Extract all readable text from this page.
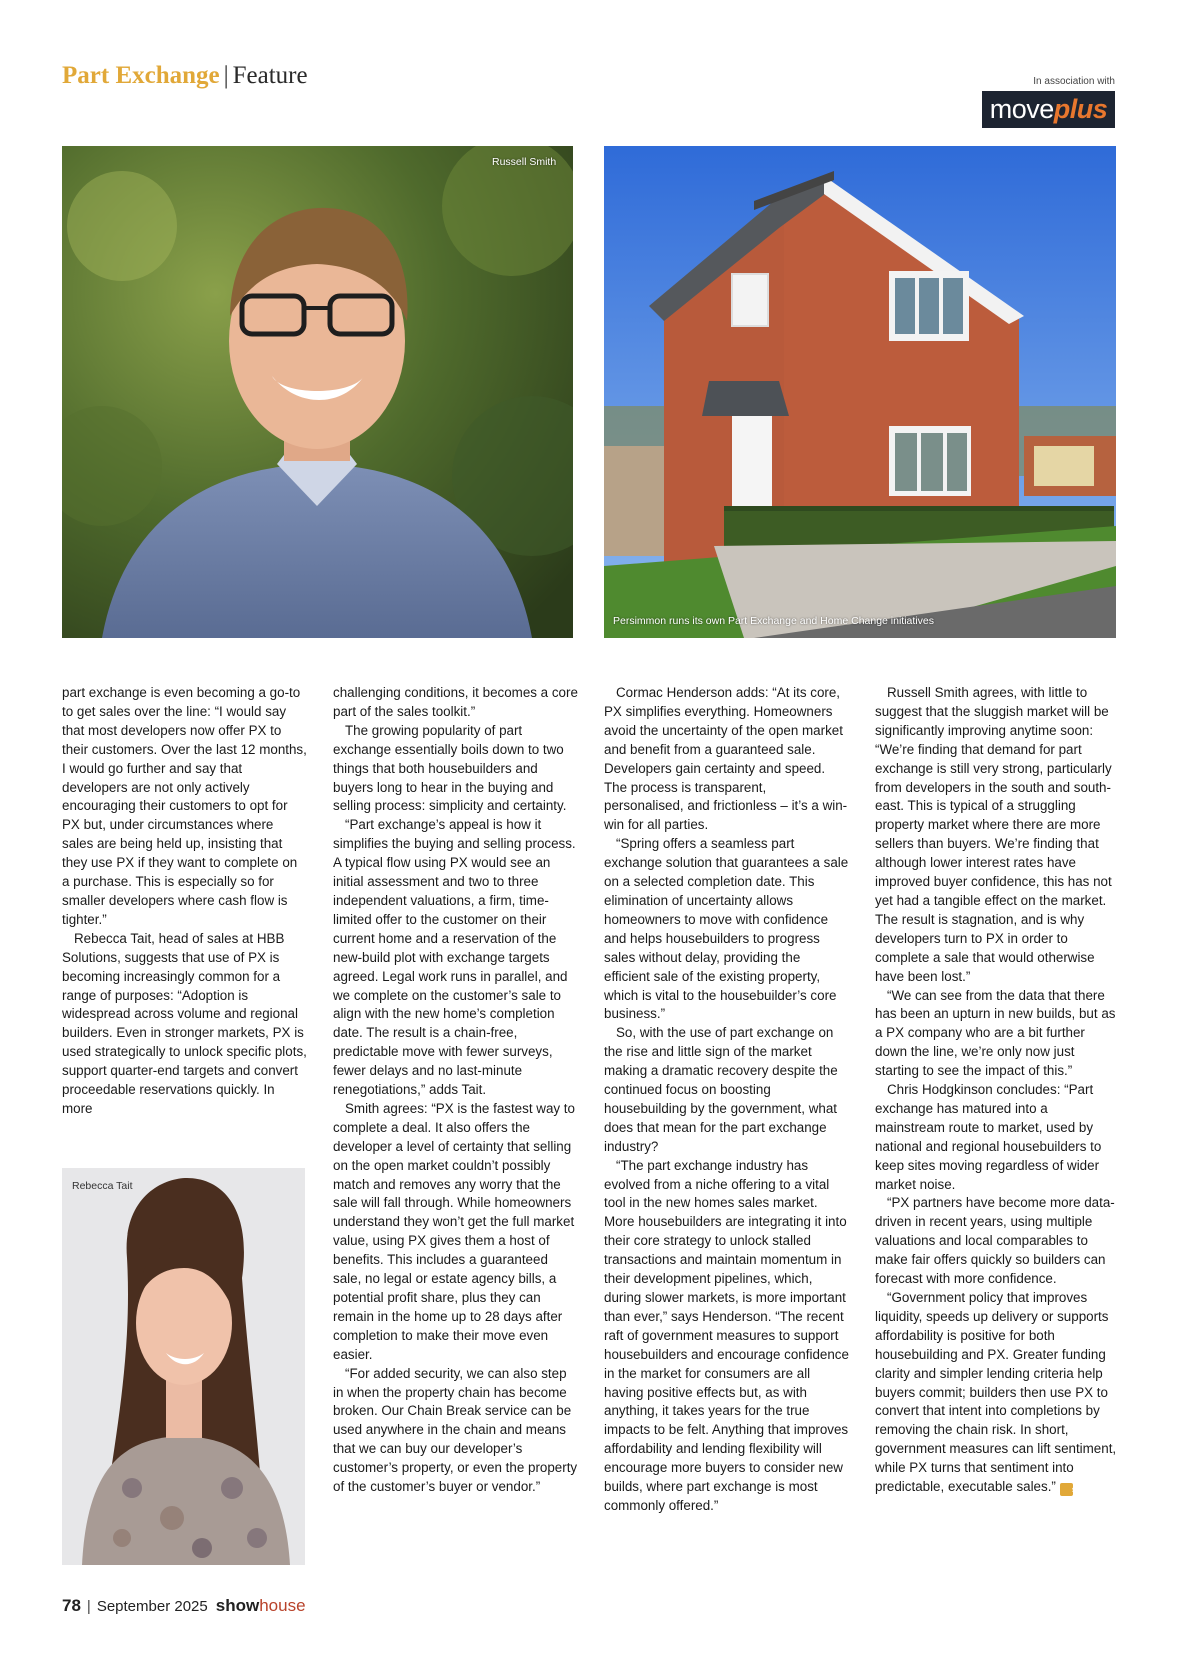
Part Exchange | Feature	In association with
move plus
Russell Smith
Persimmon runs its own Part Exchange and Home Change initiatives
Rebecca Tait

part exchange is even becoming a go-to to get sales over the line: “I would say that most developers now offer PX to their customers. Over the last 12 months, I would go further and say that developers are not only actively encouraging their customers to opt for PX but, under circumstances where sales are being held up, insisting that they use PX if they want to complete on a purchase. This is especially so for smaller developers where cash flow is tighter.”

Rebecca Tait, head of sales at HBB Solutions, suggests that use of PX is becoming increasingly common for a range of purposes: “Adoption is widespread across volume and regional builders. Even in stronger markets, PX is used strategically to unlock specific plots, support quarter-end targets and convert proceedable reservations quickly. In more

challenging conditions, it becomes a core part of the sales toolkit.”

The growing popularity of part exchange essentially boils down to two things that both housebuilders and buyers long to hear in the buying and selling process: simplicity and certainty.

“Part exchange’s appeal is how it simplifies the buying and selling process. A typical flow using PX would see an initial assessment and two to three independent valuations, a firm, time-limited offer to the customer on their current home and a reservation of the new-build plot with exchange targets agreed. Legal work runs in parallel, and we complete on the customer’s sale to align with the new home’s completion date. The result is a chain-free, predictable move with fewer surveys, fewer delays and no last-minute renegotiations,” adds Tait.

Smith agrees: “PX is the fastest way to complete a deal. It also offers the developer a level of certainty that selling on the open market couldn’t possibly match and removes any worry that the sale will fall through. While homeowners understand they won’t get the full market value, using PX gives them a host of benefits. This includes a guaranteed sale, no legal or estate agency bills, a potential profit share, plus they can remain in the home up to 28 days after completion to make their move even easier.

“For added security, we can also step in when the property chain has become broken. Our Chain Break service can be used anywhere in the chain and means that we can buy our developer’s customer’s property, or even the property of the customer’s buyer or vendor.”

Cormac Henderson adds: “At its core, PX simplifies everything. Homeowners avoid the uncertainty of the open market and benefit from a guaranteed sale. Developers gain certainty and speed. The process is transparent, personalised, and frictionless – it’s a win-win for all parties.

“Spring offers a seamless part exchange solution that guarantees a sale on a selected completion date. This elimination of uncertainty allows homeowners to move with confidence and helps housebuilders to progress sales without delay, providing the efficient sale of the existing property, which is vital to the housebuilder’s core business.”

So, with the use of part exchange on the rise and little sign of the market making a dramatic recovery despite the continued focus on boosting housebuilding by the government, what does that mean for the part exchange industry?

“The part exchange industry has evolved from a niche offering to a vital tool in the new homes sales market. More housebuilders are integrating it into their core strategy to unlock stalled transactions and maintain momentum in their development pipelines, which, during slower markets, is more important than ever,” says Henderson. “The recent raft of government measures to support housebuilders and encourage confidence in the market for consumers are all having positive effects but, as with anything, it takes years for the true impacts to be felt. Anything that improves affordability and lending flexibility will encourage more buyers to consider new builds, where part exchange is most commonly offered.”

Russell Smith agrees, with little to suggest that the sluggish market will be significantly improving anytime soon: “We’re finding that demand for part exchange is still very strong, particularly from developers in the south and south-east. This is typical of a struggling property market where there are more sellers than buyers. We’re finding that although lower interest rates have improved buyer confidence, this has not yet had a tangible effect on the market. The result is stagnation, and is why developers turn to PX in order to complete a sale that would otherwise have been lost.”

“We can see from the data that there has been an upturn in new builds, but as a PX company who are a bit further down the line, we’re only now just starting to see the impact of this.”

Chris Hodgkinson concludes: “Part exchange has matured into a mainstream route to market, used by national and regional housebuilders to keep sites moving regardless of wider market noise.

“PX partners have become more data-driven in recent years, using multiple valuations and local comparables to make fair offers quickly so builders can forecast with more confidence.

“Government policy that improves liquidity, speeds up delivery or supports affordability is positive for both housebuilding and PX. Greater funding clarity and simpler lending criteria help buyers commit; builders then use PX to convert that intent into completions by removing the chain risk. In short, government measures can lift sentiment, while PX turns that sentiment into predictable, executable sales.” sh

78 | September 2025 show house
